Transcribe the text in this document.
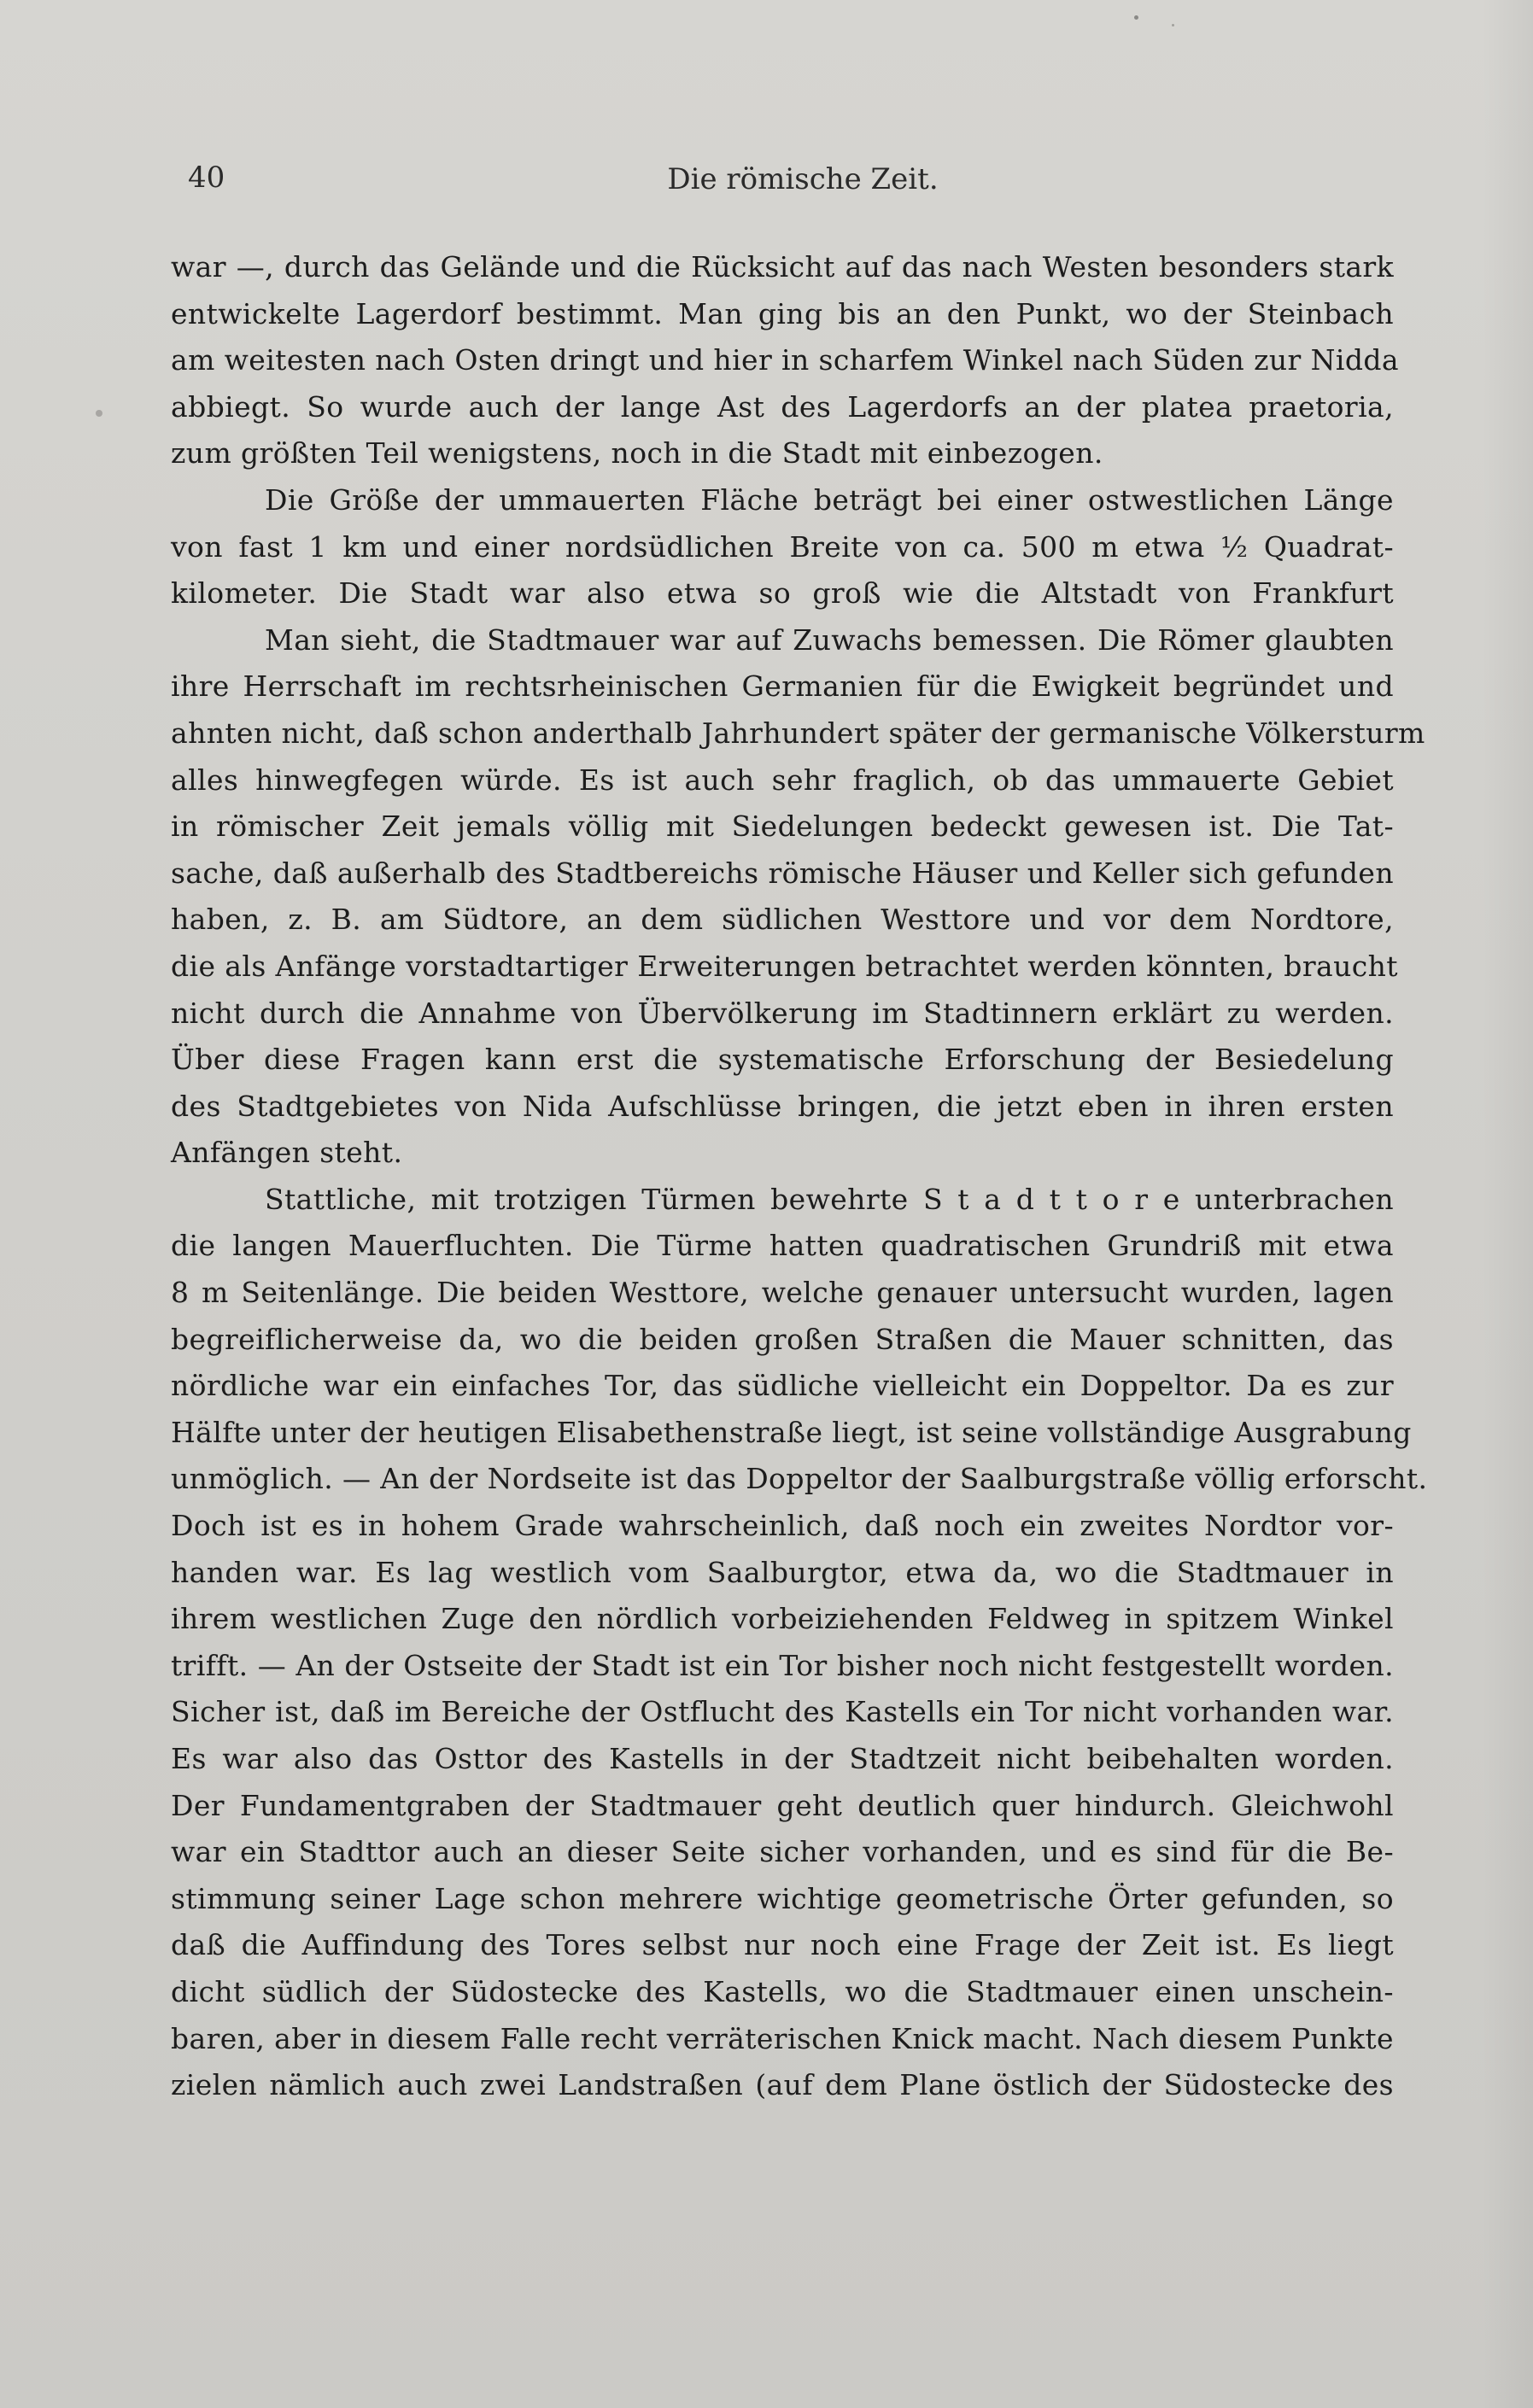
40	Die römische Zeit.
war —, durch das Gelände und die Rücksicht auf das nach Westen besonders stark
entwickelte Lagerdorf bestimmt. Man ging bis an den Punkt, wo der Steinbach
am weitesten nach Osten dringt und hier in scharfem Winkel nach Süden zur Nidda
abbiegt. So wurde auch der lange Ast des Lagerdorfs an der platea praetoria,
zum größten Teil wenigstens, noch in die Stadt mit einbezogen.
Die Größe der ummauerten Fläche beträgt bei einer ostwestlichen Länge
von fast 1 km und einer nordsüdlichen Breite von ca. 500 m etwa ½ Quadrat-
kilometer. Die Stadt war also etwa so groß wie die Altstadt von Frankfurt
Man sieht, die Stadtmauer war auf Zuwachs bemessen. Die Römer glaubten
ihre Herrschaft im rechtsrheinischen Germanien für die Ewigkeit begründet und
ahnten nicht, daß schon anderthalb Jahrhundert später der germanische Völkersturm
alles hinwegfegen würde. Es ist auch sehr fraglich, ob das ummauerte Gebiet
in römischer Zeit jemals völlig mit Siedelungen bedeckt gewesen ist. Die Tat-
sache, daß außerhalb des Stadtbereichs römische Häuser und Keller sich gefunden
haben, z. B. am Südtore, an dem südlichen Westtore und vor dem Nordtore,
die als Anfänge vorstadtartiger Erweiterungen betrachtet werden könnten, braucht
nicht durch die Annahme von Übervölkerung im Stadtinnern erklärt zu werden.
Über diese Fragen kann erst die systematische Erforschung der Besiedelung
des Stadtgebietes von Nida Aufschlüsse bringen, die jetzt eben in ihren ersten
Anfängen steht.
Stattliche, mit trotzigen Türmen bewehrte S t a d t t o r e unterbrachen
die langen Mauerfluchten. Die Türme hatten quadratischen Grundriß mit etwa
8 m Seitenlänge. Die beiden Westtore, welche genauer untersucht wurden, lagen
begreiflicherweise da, wo die beiden großen Straßen die Mauer schnitten, das
nördliche war ein einfaches Tor, das südliche vielleicht ein Doppeltor. Da es zur
Hälfte unter der heutigen Elisabethenstraße liegt, ist seine vollständige Ausgrabung
unmöglich. — An der Nordseite ist das Doppeltor der Saalburgstraße völlig erforscht.
Doch ist es in hohem Grade wahrscheinlich, daß noch ein zweites Nordtor vor-
handen war. Es lag westlich vom Saalburgtor, etwa da, wo die Stadtmauer in
ihrem westlichen Zuge den nördlich vorbeiziehenden Feldweg in spitzem Winkel
trifft. — An der Ostseite der Stadt ist ein Tor bisher noch nicht festgestellt worden.
Sicher ist, daß im Bereiche der Ostflucht des Kastells ein Tor nicht vorhanden war.
Es war also das Osttor des Kastells in der Stadtzeit nicht beibehalten worden.
Der Fundamentgraben der Stadtmauer geht deutlich quer hindurch. Gleichwohl
war ein Stadttor auch an dieser Seite sicher vorhanden, und es sind für die Be-
stimmung seiner Lage schon mehrere wichtige geometrische Örter gefunden, so
daß die Auffindung des Tores selbst nur noch eine Frage der Zeit ist. Es liegt
dicht südlich der Südostecke des Kastells, wo die Stadtmauer einen unschein-
baren, aber in diesem Falle recht verräterischen Knick macht. Nach diesem Punkte
zielen nämlich auch zwei Landstraßen (auf dem Plane östlich der Südostecke des
